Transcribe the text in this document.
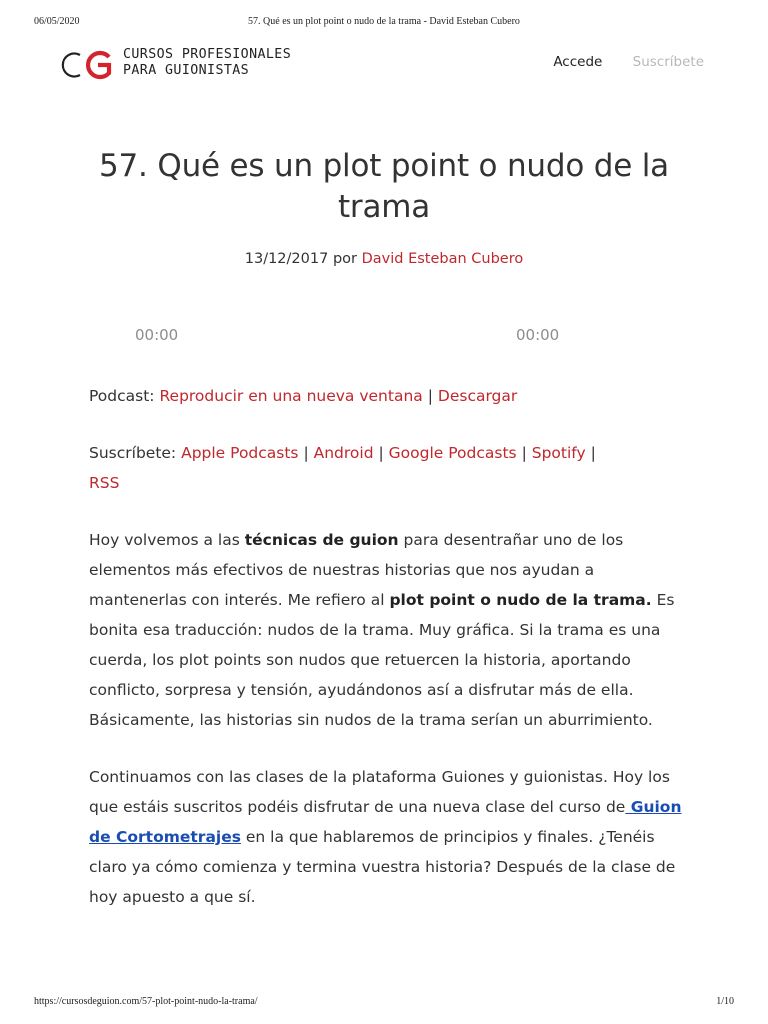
06/05/2020	57. Qué es un plot point o nudo de la trama - David Esteban Cubero
CURSOS PROFESIONALES
PARA GUIONISTAS
Accede Suscríbete
57. Qué es un plot point o nudo de la trama
13/12/2017 por David Esteban Cubero
00:00	00:00

Podcast: Reproducir en una nueva ventana | Descargar

Suscríbete: Apple Podcasts | Android | Google Podcasts | Spotify |
RSS

Hoy volvemos a las técnicas de guion para desentrañar uno de los elementos más efectivos de nuestras historias que nos ayudan a mantenerlas con interés. Me refiero al plot point o nudo de la trama. Es bonita esa traducción: nudos de la trama. Muy gráfica. Si la trama es una cuerda, los plot points son nudos que retuercen la historia, aportando conflicto, sorpresa y tensión, ayudándonos así a disfrutar más de ella. Básicamente, las historias sin nudos de la trama serían un aburrimiento.

Continuamos con las clases de la plataforma Guiones y guionistas. Hoy los que estáis suscritos podéis disfrutar de una nueva clase del curso de Guion de Cortometrajes en la que hablaremos de principios y finales. ¿Tenéis claro ya cómo comienza y termina vuestra historia? Después de la clase de hoy apuesto a que sí.

https://cursosdeguion.com/57-plot-point-nudo-la-trama/	1/10
